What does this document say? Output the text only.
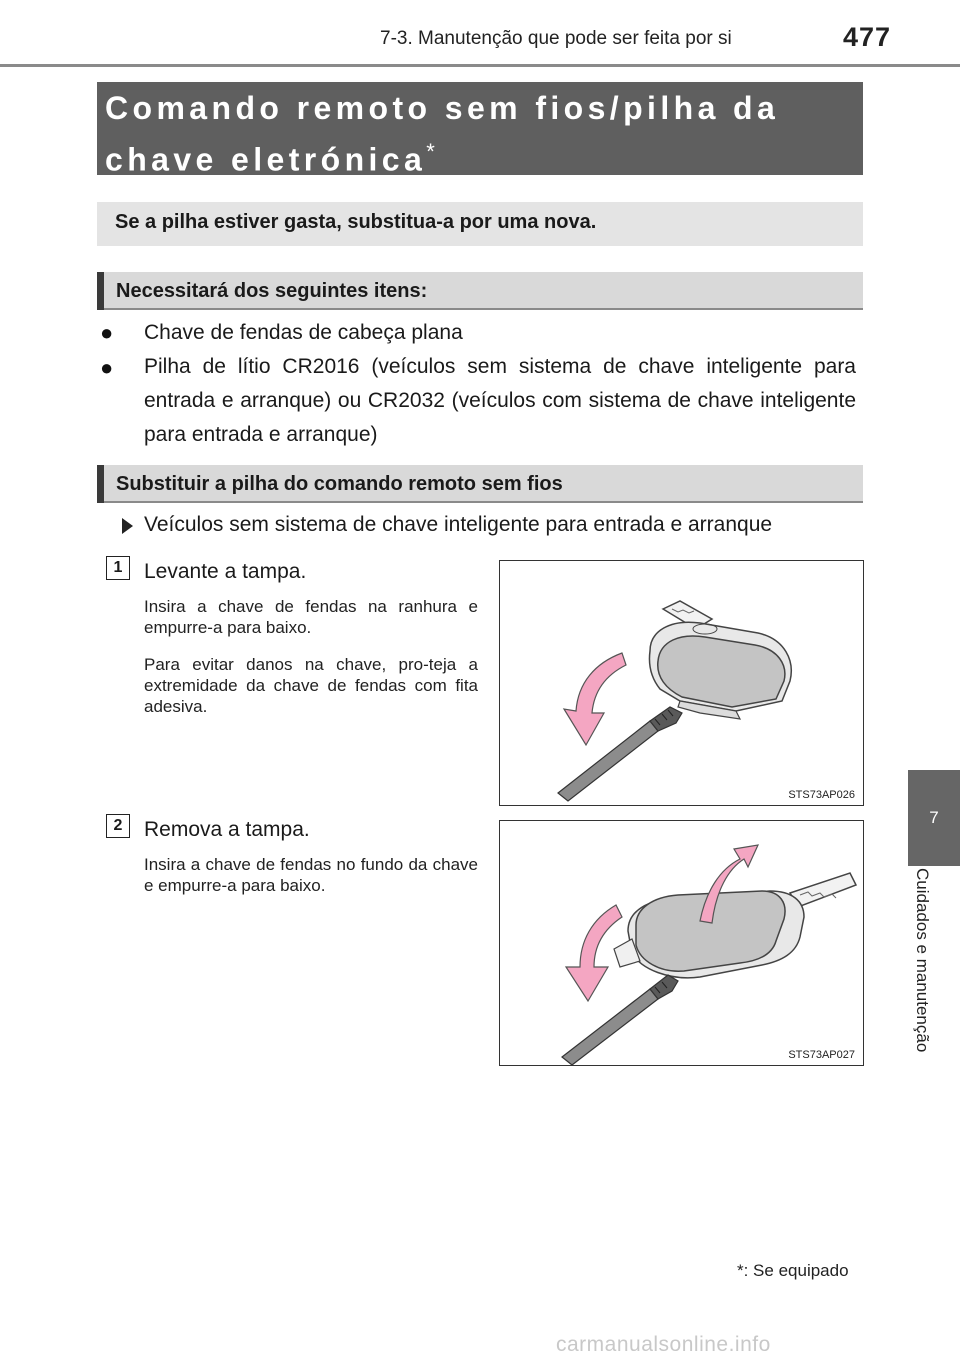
7-3. Manutenção que pode ser feita por si	477
7
Cuidados e manutenção
Comando remoto sem fios/pilha da chave eletrónica*
Se a pilha estiver gasta, substitua-a por uma nova.
Necessitará dos seguintes itens:
● Chave de fendas de cabeça plana
● Pilha de lítio CR2016 (veículos sem sistema de chave inteligente para entrada e arranque) ou CR2032 (veículos com sistema de chave inteligente para entrada e arranque)
Substituir a pilha do comando remoto sem fios
Veículos sem sistema de chave inteligente para entrada e arranque
1	Levante a tampa.
Insira a chave de fendas na ranhura e empurre-a para baixo.
Para evitar danos na chave, pro-teja a extremidade da chave de fendas com fita adesiva.
STS73AP026
2	Remova a tampa.
Insira a chave de fendas no fundo da chave e empurre-a para baixo.
STS73AP027
*: Se equipado
carmanualsonline.info
